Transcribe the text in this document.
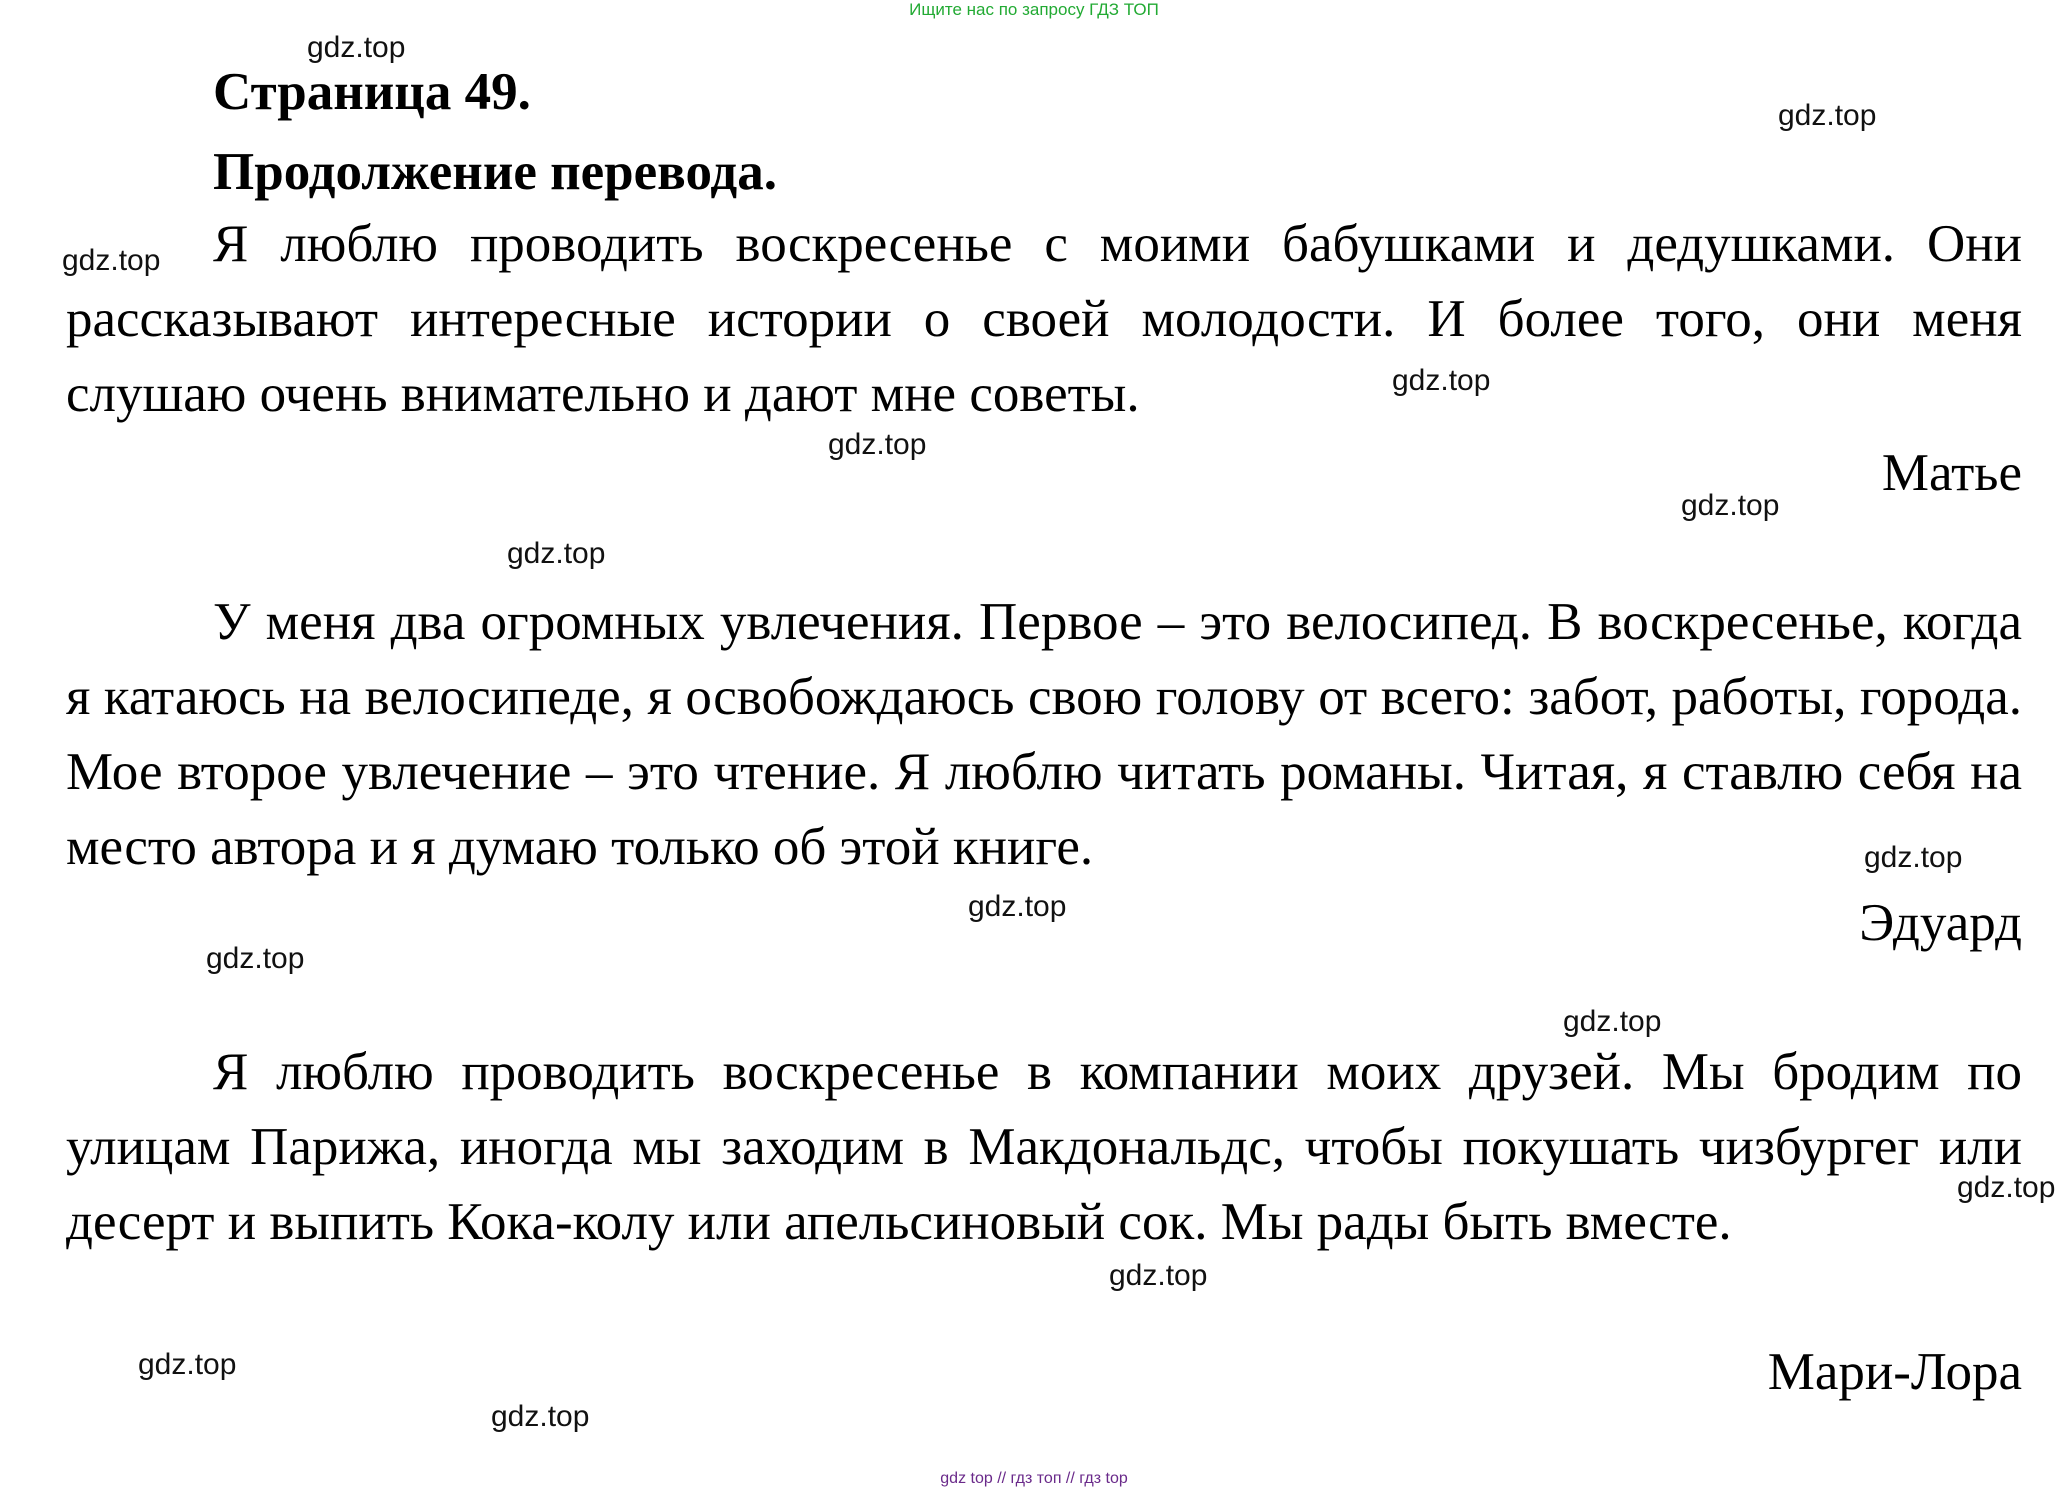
Ищите нас по запросу ГДЗ ТОП
Страница 49.
Продолжение перевода.

Я люблю проводить воскресенье с моими бабушками и дедушками. Они рассказывают интересные истории о своей молодости. И более того, они меня слушаю очень внимательно и дают мне советы.

Матье

У меня два огромных увлечения. Первое – это велосипед. В воскресенье, когда я катаюсь на велосипеде, я освобождаюсь свою голову от всего: забот, работы, города. Мое второе увлечение – это чтение. Я люблю читать романы. Читая, я ставлю себя на место автора и я думаю только об этой книге.

Эдуард

Я люблю проводить воскресенье в компании моих друзей. Мы бродим по улицам Парижа, иногда мы заходим в Макдональдс, чтобы покушать чизбургег или десерт и выпить Кока-колу или апельсиновый сок. Мы рады быть вместе.

Мари-Лора
gdz.top
gdz.top
gdz.top
gdz.top
gdz.top
gdz.top
gdz.top
gdz.top
gdz.top
gdz.top
gdz.top
gdz.top
gdz.top
gdz.top
gdz.top
gdz top // гдз топ // гдз top
